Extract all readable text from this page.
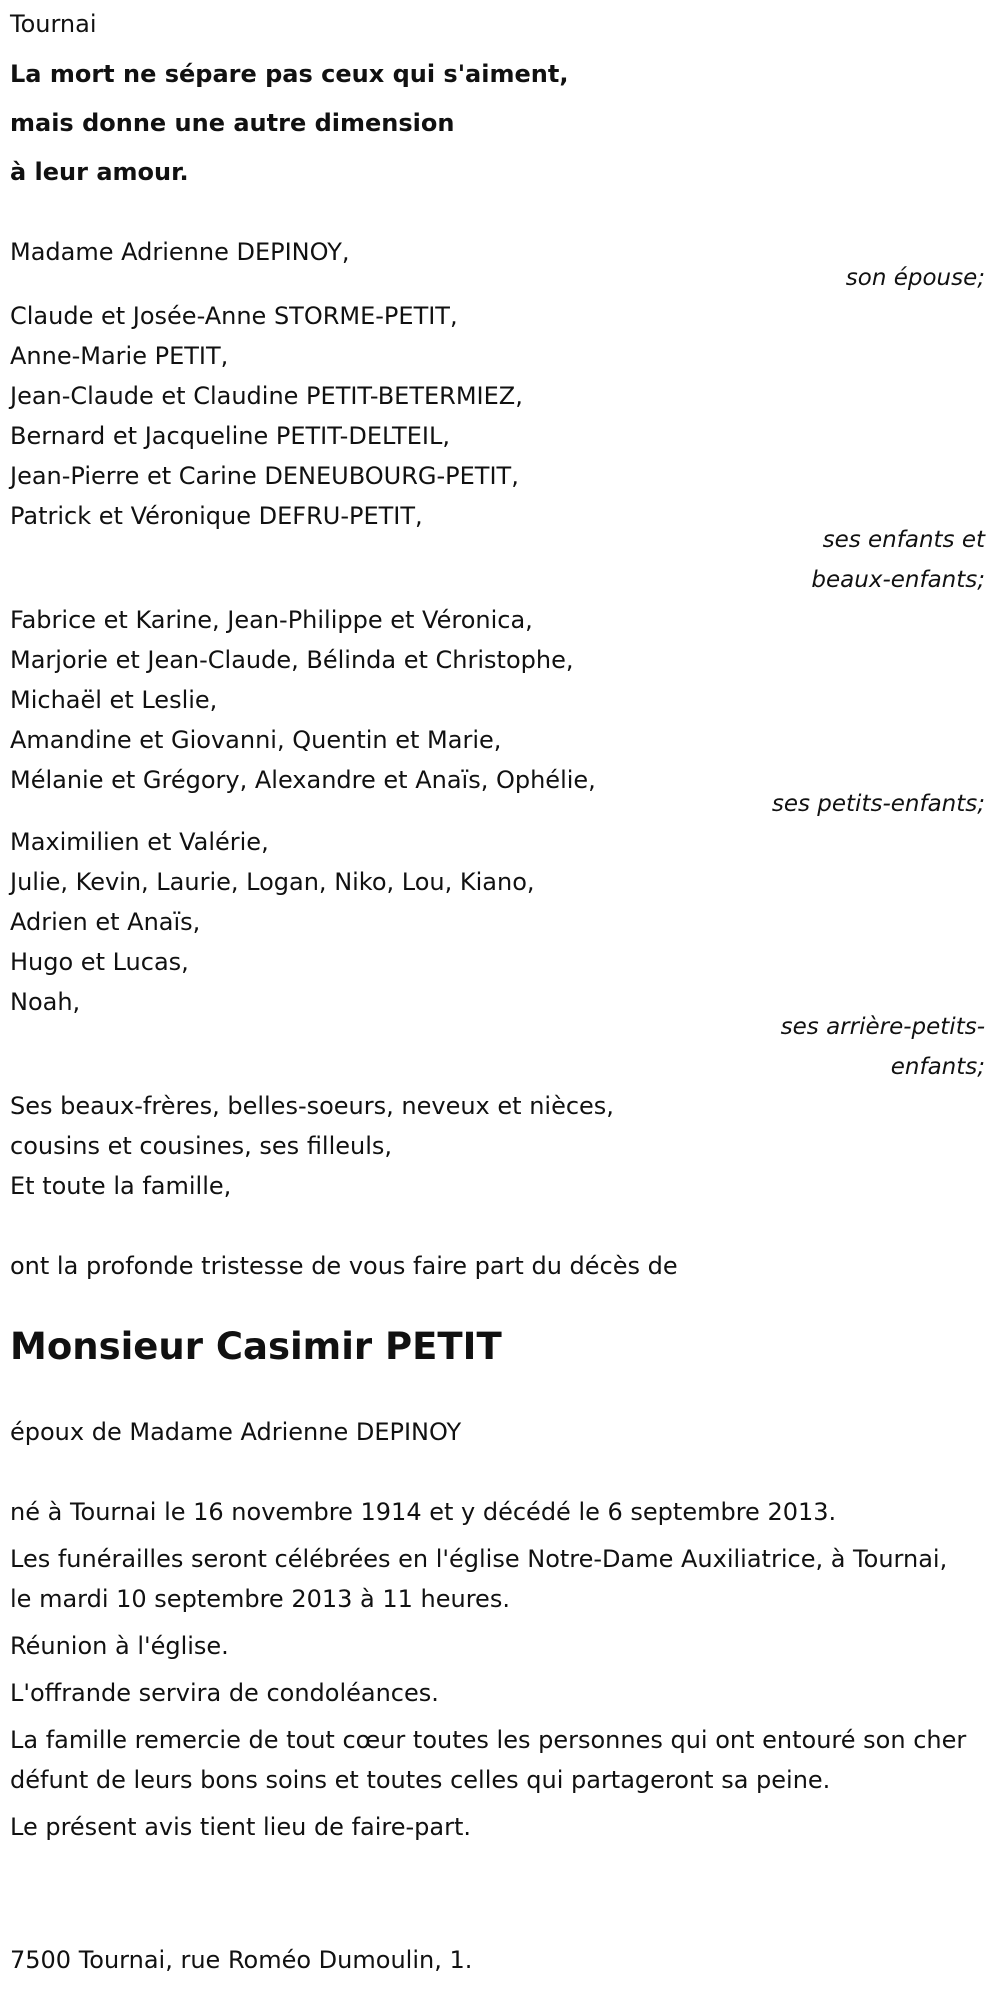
Tournai
La mort ne sépare pas ceux qui s'aiment,
mais donne une autre dimension
à leur amour.
Madame Adrienne DEPINOY,
son épouse;
Claude et Josée-Anne STORME-PETIT,
Anne-Marie PETIT,
Jean-Claude et Claudine PETIT-BETERMIEZ,
Bernard et Jacqueline PETIT-DELTEIL,
Jean-Pierre et Carine DENEUBOURG-PETIT,
Patrick et Véronique DEFRU-PETIT,
ses enfants et
beaux-enfants;
Fabrice et Karine, Jean-Philippe et Véronica,
Marjorie et Jean-Claude, Bélinda et Christophe,
Michaël et Leslie,
Amandine et Giovanni, Quentin et Marie,
Mélanie et Grégory, Alexandre et Anaïs, Ophélie,
ses petits-enfants;
Maximilien et Valérie,
Julie, Kevin, Laurie, Logan, Niko, Lou, Kiano,
Adrien et Anaïs,
Hugo et Lucas,
Noah,
ses arrière-petits-
enfants;
Ses beaux-frères, belles-soeurs, neveux et nièces,
cousins et cousines, ses filleuls,
Et toute la famille,
ont la profonde tristesse de vous faire part du décès de
Monsieur Casimir PETIT
époux de Madame Adrienne DEPINOY

né à Tournai le 16 novembre 1914 et y décédé le 6 septembre 2013.

Les funérailles seront célébrées en l'église Notre-Dame Auxiliatrice, à Tournai, le mardi 10 septembre 2013 à 11 heures.

Réunion à l'église.

L'offrande servira de condoléances.

La famille remercie de tout cœur toutes les personnes qui ont entouré son cher défunt de leurs bons soins et toutes celles qui partageront sa peine.

Le présent avis tient lieu de faire-part.

7500 Tournai, rue Roméo Dumoulin, 1.
